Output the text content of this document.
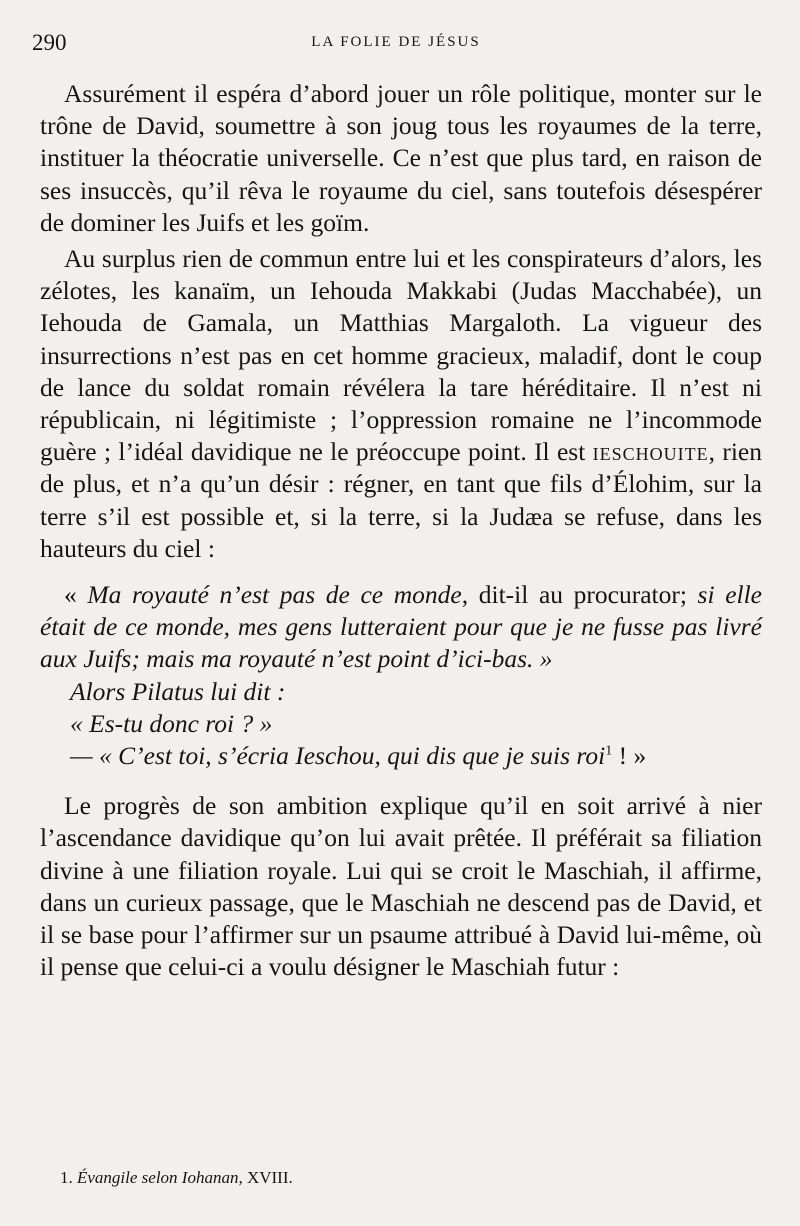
290	LA FOLIE DE JÉSUS

Assurément il espéra d’abord jouer un rôle politique, monter sur le trône de David, soumettre à son joug tous les royaumes de la terre, instituer la théocratie universelle. Ce n’est que plus tard, en raison de ses insuccès, qu’il rêva le royaume du ciel, sans toutefois désespérer de dominer les Juifs et les goïm.

Au surplus rien de commun entre lui et les conspirateurs d’alors, les zélotes, les kanaïm, un Iehouda Makkabi (Judas Macchabée), un Iehouda de Gamala, un Matthias Margaloth. La vigueur des insurrections n’est pas en cet homme gracieux, maladif, dont le coup de lance du soldat romain révélera la tare héréditaire. Il n’est ni républicain, ni légitimiste ; l’oppression romaine ne l’incommode guère ; l’idéal davidique ne le préoccupe point. Il est ieschouite, rien de plus, et n’a qu’un désir : régner, en tant que fils d’Élohim, sur la terre s’il est possible et, si la terre, si la Judæa se refuse, dans les hauteurs du ciel :

« Ma royauté n’est pas de ce monde, dit-il au procurator; si elle était de ce monde, mes gens lutteraient pour que je ne fusse pas livré aux Juifs; mais ma royauté n’est point d’ici-bas. »
Alors Pilatus lui dit :
« Es-tu donc roi ? »
— « C’est toi, s’écria Ieschou, qui dis que je suis roi$^1$ ! »

Le progrès de son ambition explique qu’il en soit arrivé à nier l’ascendance davidique qu’on lui avait prêtée. Il préférait sa filiation divine à une filiation royale. Lui qui se croit le Maschiah, il affirme, dans un curieux passage, que le Maschiah ne descend pas de David, et il se base pour l’affirmer sur un psaume attribué à David lui-même, où il pense que celui-ci a voulu désigner le Maschiah futur :

1. Évangile selon Iohanan, XVIII.
